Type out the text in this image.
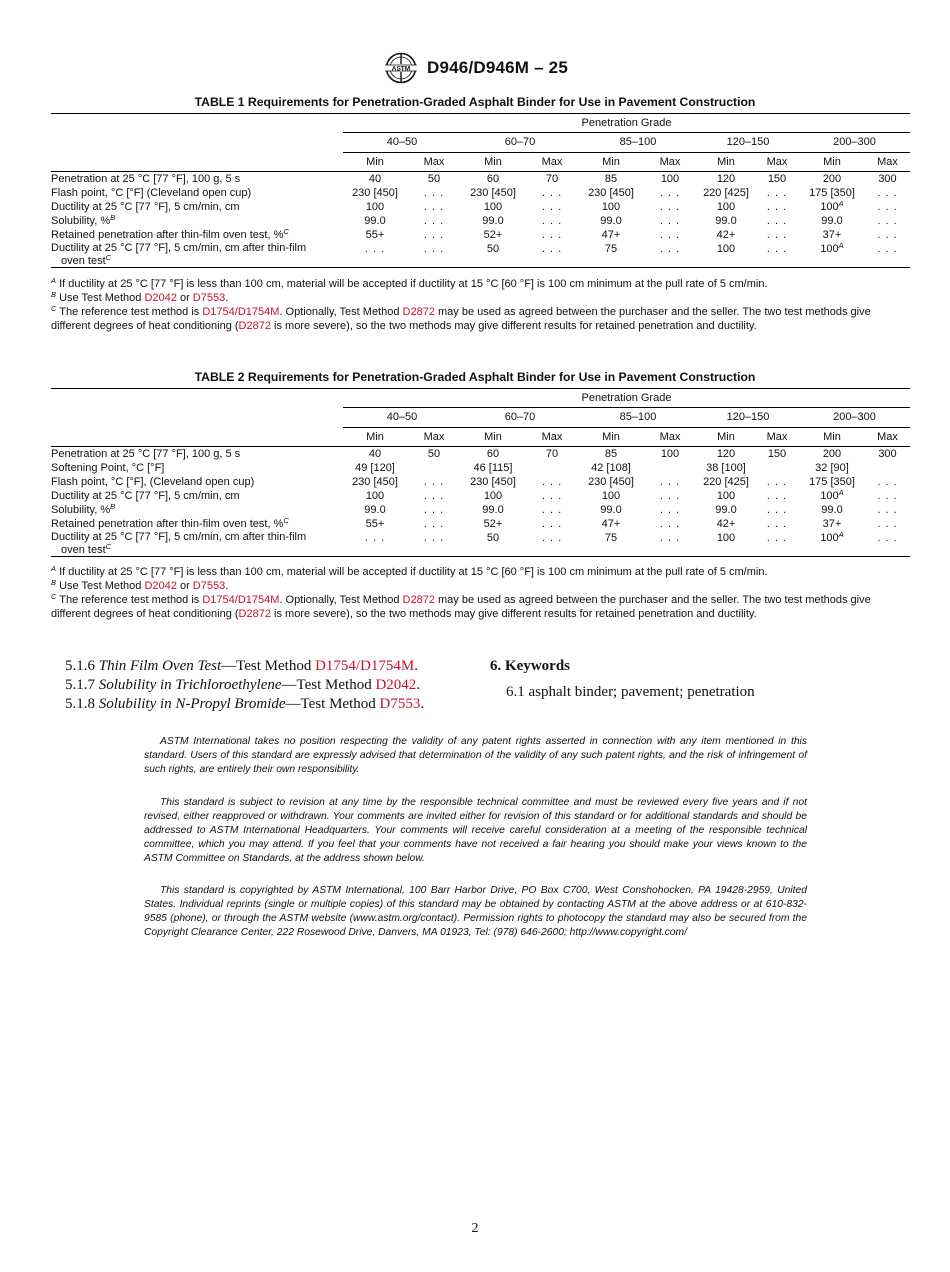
ASTM D946/D946M – 25
TABLE 1 Requirements for Penetration-Graded Asphalt Binder for Use in Pavement Construction

	Penetration Grade									
	40–50		60–70		85–100		120–150		200–300	
	Min	Max	Min	Max	Min	Max	Min	Max	Min	Max
Penetration at 25 °C [77 °F], 100 g, 5 s	40	50	60	70	85	100	120	150	200	300
Flash point, °C [°F] (Cleveland open cup)	230 [450]	. . .	230 [450]	. . .	230 [450]	. . .	220 [425]	. . .	175 [350]	. . .
Ductility at 25 °C [77 °F], 5 cm/min, cm	100	. . .	100	. . .	100	. . .	100	. . .	$100^A$	. . .
Solubility, %$^B$	99.0	. . .	99.0	. . .	99.0	. . .	99.0	. . .	99.0	. . .
Retained penetration after thin-film oven test, %$^C$	55+	. . .	52+	. . .	47+	. . .	42+	. . .	37+	. . .
Ductility at 25 °C [77 °F], 5 cm/min, cm after thin-film
oven test$^C$	. . .	. . .	50	. . .	75	. . .	100	. . .	$100^A$	. . .
$^A$ If ductility at 25 °C [77 °F] is less than 100 cm, material will be accepted if ductility at 15 °C [60 °F] is 100 cm minimum at the pull rate of 5 cm/min.
$^B$ Use Test Method D2042 or D7553.
$^C$ The reference test method is D1754/D1754M. Optionally, Test Method D2872 may be used as agreed between the purchaser and the seller. The two test methods give different degrees of heat conditioning (D2872 is more severe), so the two methods may give different results for retained penetration and ductility.
TABLE 2 Requirements for Penetration-Graded Asphalt Binder for Use in Pavement Construction

	Penetration Grade									
	40–50		60–70		85–100		120–150		200–300	
	Min	Max	Min	Max	Min	Max	Min	Max	Min	Max
Penetration at 25 °C [77 °F], 100 g, 5 s	40	50	60	70	85	100	120	150	200	300
Softening Point, °C [°F]	49 [120]		46 [115]		42 [108]		38 [100]		32 [90]	
Flash point, °C [°F], (Cleveland open cup)	230 [450]	. . .	230 [450]	. . .	230 [450]	. . .	220 [425]	. . .	175 [350]	. . .
Ductility at 25 °C [77 °F], 5 cm/min, cm	100	. . .	100	. . .	100	. . .	100	. . .	$100^A$	. . .
Solubility, %$^B$	99.0	. . .	99.0	. . .	99.0	. . .	99.0	. . .	99.0	. . .
Retained penetration after thin-film oven test, %$^C$	55+	. . .	52+	. . .	47+	. . .	42+	. . .	37+	. . .
Ductility at 25 °C [77 °F], 5 cm/min, cm after thin-film
oven test$^C$	. . .	. . .	50	. . .	75	. . .	100	. . .	$100^A$	. . .
$^A$ If ductility at 25 °C [77 °F] is less than 100 cm, material will be accepted if ductility at 15 °C [60 °F] is 100 cm minimum at the pull rate of 5 cm/min.
$^B$ Use Test Method D2042 or D7553.
$^C$ The reference test method is D1754/D1754M. Optionally, Test Method D2872 may be used as agreed between the purchaser and the seller. The two test methods give different degrees of heat conditioning (D2872 is more severe), so the two methods may give different results for retained penetration and ductility.
5.1.6 Thin Film Oven Test—Test Method D1754/D1754M.
5.1.7 Solubility in Trichloroethylene—Test Method D2042.
5.1.8 Solubility in N-Propyl Bromide—Test Method D7553.
6. Keywords
6.1 asphalt binder; pavement; penetration

ASTM International takes no position respecting the validity of any patent rights asserted in connection with any item mentioned in this standard. Users of this standard are expressly advised that determination of the validity of any such patent rights, and the risk of infringement of such rights, are entirely their own responsibility.

This standard is subject to revision at any time by the responsible technical committee and must be reviewed every five years and if not revised, either reapproved or withdrawn. Your comments are invited either for revision of this standard or for additional standards and should be addressed to ASTM International Headquarters. Your comments will receive careful consideration at a meeting of the responsible technical committee, which you may attend. If you feel that your comments have not received a fair hearing you should make your views known to the ASTM Committee on Standards, at the address shown below.

This standard is copyrighted by ASTM International, 100 Barr Harbor Drive, PO Box C700, West Conshohocken, PA 19428-2959, United States. Individual reprints (single or multiple copies) of this standard may be obtained by contacting ASTM at the above address or at 610-832-9585 (phone), or through the ASTM website (www.astm.org/contact). Permission rights to photocopy the standard may also be secured from the Copyright Clearance Center, 222 Rosewood Drive, Danvers, MA 01923, Tel: (978) 646-2600; http://www.copyright.com/

2
